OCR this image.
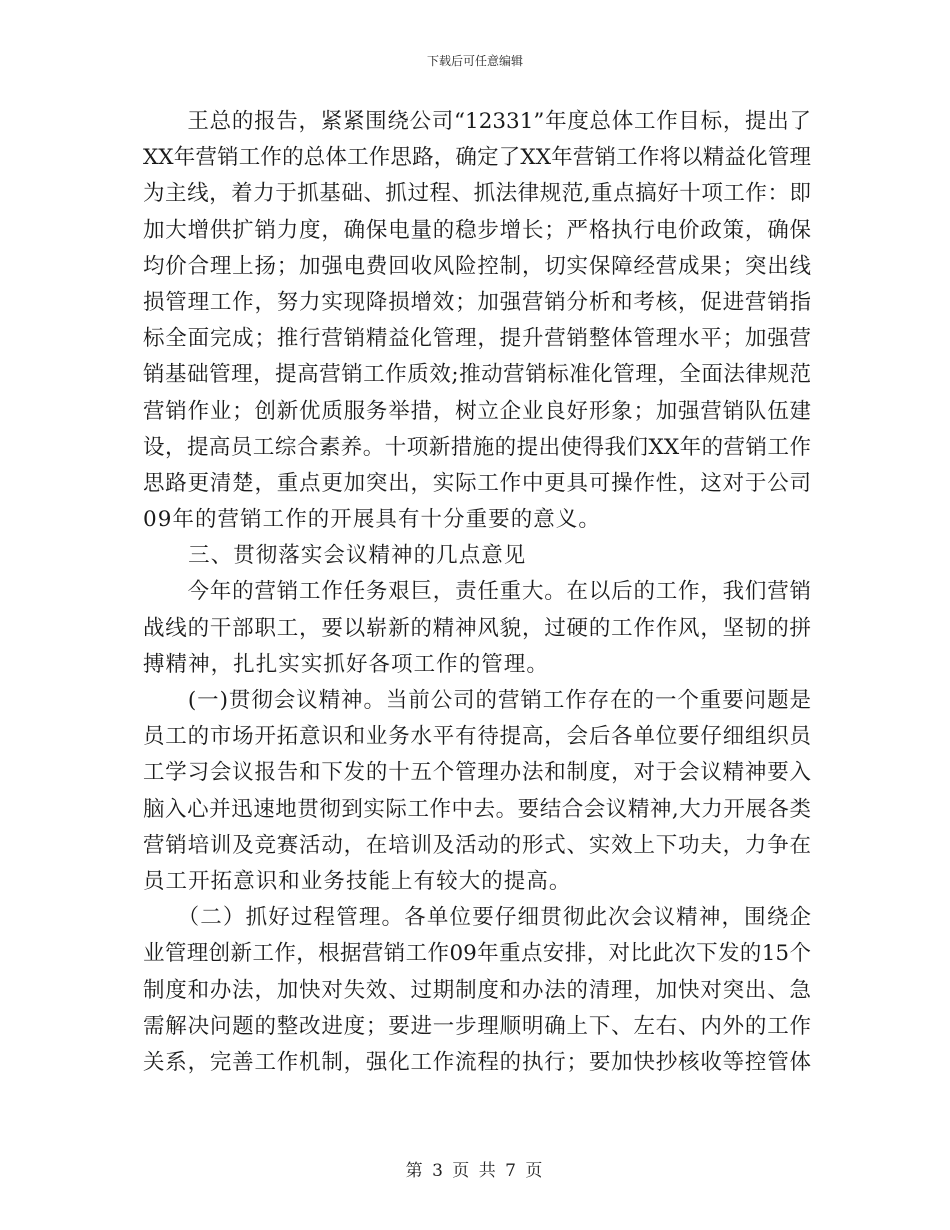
下载后可任意编辑
　　王总的报告，紧紧围绕公司“12331”年度总体工作目标，提出了
XX年营销工作的总体工作思路，确定了XX年营销工作将以精益化管理
为主线，着力于抓基础、抓过程、抓法律规范,重点搞好十项工作：即
加大增供扩销力度，确保电量的稳步增长；严格执行电价政策，确保
均价合理上扬；加强电费回收风险控制，切实保障经营成果；突出线
损管理工作，努力实现降损增效；加强营销分析和考核，促进营销指
标全面完成；推行营销精益化管理，提升营销整体管理水平；加强营
销基础管理，提高营销工作质效;推动营销标准化管理，全面法律规范
营销作业；创新优质服务举措，树立企业良好形象；加强营销队伍建
设，提高员工综合素养。十项新措施的提出使得我们XX年的营销工作
思路更清楚，重点更加突出，实际工作中更具可操作性，这对于公司
09年的营销工作的开展具有十分重要的意义。
　　三、贯彻落实会议精神的几点意见
　　今年的营销工作任务艰巨，责任重大。在以后的工作，我们营销
战线的干部职工，要以崭新的精神风貌，过硬的工作作风，坚韧的拼
搏精神，扎扎实实抓好各项工作的管理。
　　(一)贯彻会议精神。当前公司的营销工作存在的一个重要问题是
员工的市场开拓意识和业务水平有待提高，会后各单位要仔细组织员
工学习会议报告和下发的十五个管理办法和制度，对于会议精神要入
脑入心并迅速地贯彻到实际工作中去。要结合会议精神,大力开展各类
营销培训及竞赛活动，在培训及活动的形式、实效上下功夫，力争在
员工开拓意识和业务技能上有较大的提高。
　　（二）抓好过程管理。各单位要仔细贯彻此次会议精神，围绕企
业管理创新工作，根据营销工作09年重点安排，对比此次下发的15个
制度和办法，加快对失效、过期制度和办法的清理，加快对突出、急
需解决问题的整改进度；要进一步理顺明确上下、左右、内外的工作
关系，完善工作机制，强化工作流程的执行；要加快抄核收等控管体
第 3 页 共 7 页
